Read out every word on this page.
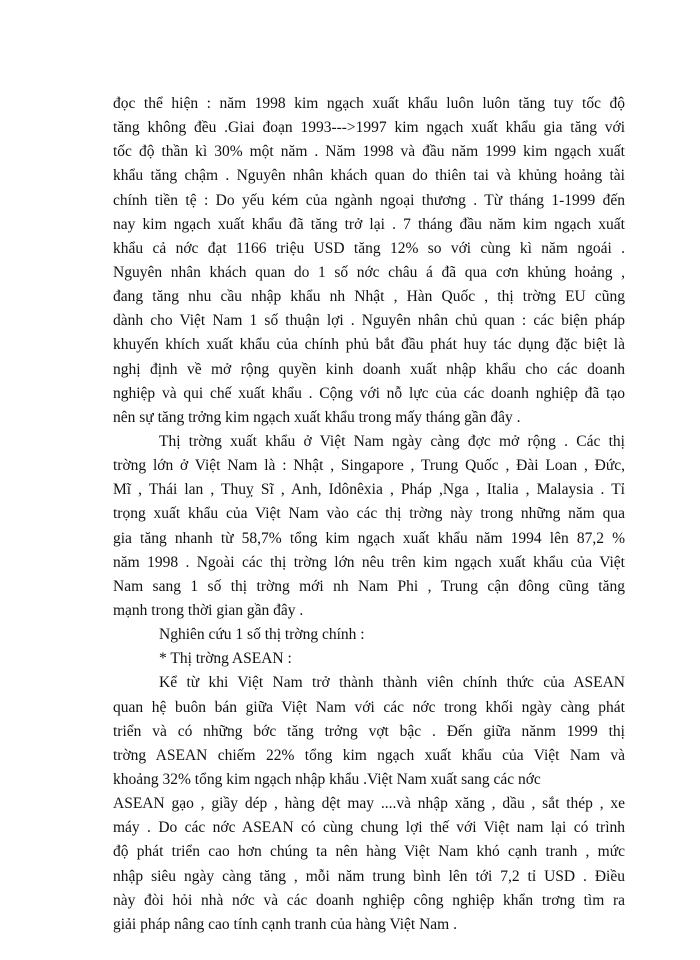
đọc thể hiện : năm 1998 kim ngạch xuất khẩu luôn luôn tăng tuy tốc độ
tăng không đều .Giai đoạn 1993--->1997 kim ngạch xuất khẩu gia tăng với
tốc độ thần kì 30% một năm . Năm 1998 và đầu năm 1999 kim ngạch xuất
khẩu tăng chậm . Nguyên nhân khách quan do thiên tai và khủng hoảng tài
chính tiền tệ : Do yếu kém của ngành ngoại thương . Từ tháng 1-1999 đến
nay kim ngạch xuất khẩu đã tăng trở lại . 7 tháng đầu năm kim ngạch xuất
khẩu cả nớc đạt 1166 triệu USD tăng 12% so với cùng kì năm ngoái .
Nguyên nhân khách quan do 1 số nớc châu á đã qua cơn khủng hoảng ,
đang tăng nhu cầu nhập khẩu nh Nhật , Hàn Quốc , thị trờng EU cũng
dành cho Việt Nam 1 số thuận lợi . Nguyên nhân chủ quan : các biện pháp
khuyến khích xuất khẩu của chính phủ bắt đầu phát huy tác dụng đặc biệt là
nghị định về mở rộng quyền kinh doanh xuất nhập khẩu cho các doanh
nghiệp và qui chế xuất khẩu . Cộng với nỗ lực của các doanh nghiệp đã tạo
nên sự tăng trởng kim ngạch xuất khẩu trong mấy tháng gần đây .
Thị trờng xuất khẩu ở Việt Nam ngày càng đợc mở rộng . Các thị
trờng lớn ở Việt Nam là : Nhật , Singapore , Trung Quốc , Đài Loan , Đức,
Mĩ , Thái lan , Thuỵ Sĩ , Anh, Idônêxia , Pháp ,Nga , Italia , Malaysia . Tỉ
trọng xuất khẩu của Việt Nam vào các thị trờng này trong những năm qua
gia tăng nhanh từ 58,7% tổng kim ngạch xuất khẩu năm 1994 lên 87,2 %
năm 1998 . Ngoài các thị trờng lớn nêu trên kim ngạch xuất khẩu của Việt
Nam sang 1 số thị trờng mới nh Nam Phi , Trung cận đông cũng tăng
mạnh trong thời gian gần đây .
Nghiên cứu 1 số thị trờng chính :
* Thị trờng ASEAN :
Kể từ khi Việt Nam trở thành thành viên chính thức của ASEAN
quan hệ buôn bán giữa Việt Nam với các nớc trong khối ngày càng phát
triển và có những bớc tăng trởng vợt bậc . Đến giữa nănm 1999 thị
trờng ASEAN chiếm 22% tổng kim ngạch xuất khẩu của Việt Nam và
khoảng 32% tổng kim ngạch nhập khẩu .Việt Nam xuất sang các nớc
ASEAN gạo , giầy dép , hàng dệt may ....và nhập xăng , dầu , sắt thép , xe
máy . Do các nớc ASEAN có cùng chung lợi thế với Việt nam lại có trình
độ phát triển cao hơn chúng ta nên hàng Việt Nam khó cạnh tranh , mức
nhập siêu ngày càng tăng , mỗi năm trung bình lên tới 7,2 tỉ USD . Điều
này đòi hỏi nhà nớc và các doanh nghiệp công nghiệp khẩn trơng tìm ra
giải pháp nâng cao tính cạnh tranh của hàng Việt Nam .
